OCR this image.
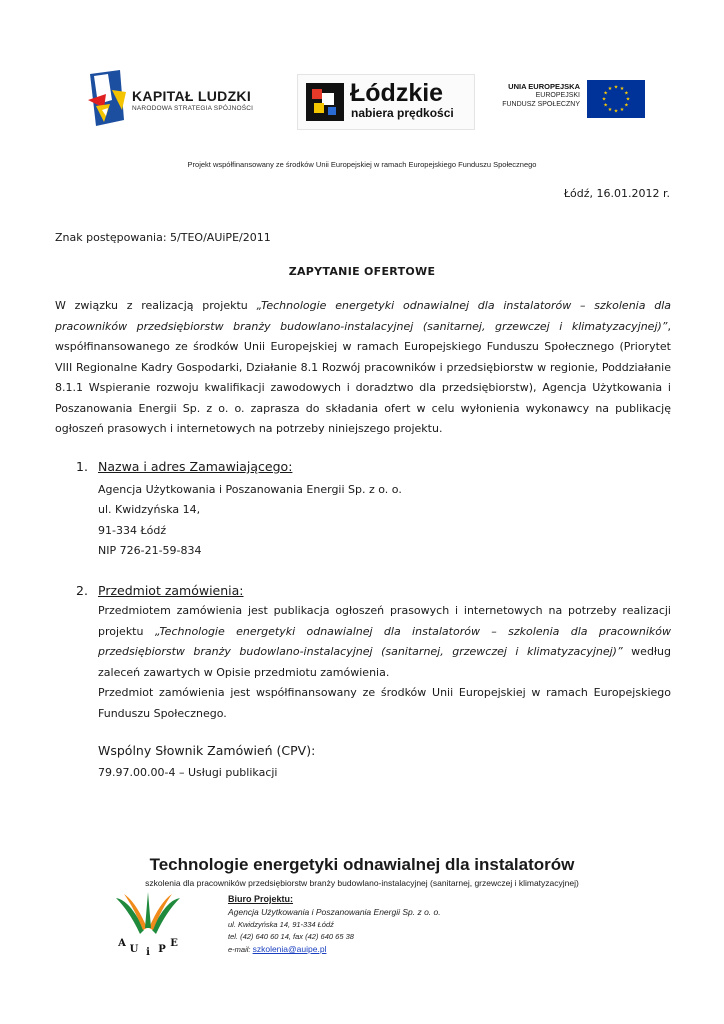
KAPITAŁ LUDZKI
NARODOWA STRATEGIA SPÓJNOŚCI
Łódzkie
nabiera prędkości
UNIA EUROPEJSKA
EUROPEJSKI
FUNDUSZ SPOŁECZNY
★ ★
★
★
★
★
★
★
★
★
★
★
Projekt współfinansowany ze środków Unii Europejskiej w ramach Europejskiego Funduszu Społecznego
Łódź, 16.01.2012 r.
Znak postępowania: 5/TEO/AUiPE/2011
ZAPYTANIE OFERTOWE
W związku z realizacją projektu „Technologie energetyki odnawialnej dla instalatorów – szkolenia dla pracowników przedsiębiorstw branży budowlano-instalacyjnej (sanitarnej, grzewczej i klimatyzacyjnej)”, współfinansowanego ze środków Unii Europejskiej w ramach Europejskiego Funduszu Społecznego (Priorytet VIII Regionalne Kadry Gospodarki, Działanie 8.1 Rozwój pracowników i przedsiębiorstw w regionie, Poddziałanie 8.1.1 Wspieranie rozwoju kwalifikacji zawodowych i doradztwo dla przedsiębiorstw), Agencja Użytkowania i Poszanowania Energii Sp. z o. o. zaprasza do składania ofert w celu wyłonienia wykonawcy na publikację ogłoszeń prasowych i internetowych na potrzeby niniejszego projektu.
1. Nazwa i adres Zamawiającego:
Agencja Użytkowania i Poszanowania Energii Sp. z o. o.
ul. Kwidzyńska 14,
91-334 Łódź
NIP 726-21-59-834
2. Przedmiot zamówienia:
Przedmiotem zamówienia jest publikacja ogłoszeń prasowych i internetowych na potrzeby realizacji projektu „Technologie energetyki odnawialnej dla instalatorów – szkolenia dla pracowników przedsiębiorstw branży budowlano-instalacyjnej (sanitarnej, grzewczej i klimatyzacyjnej)” według zaleceń zawartych w Opisie przedmiotu zamówienia.
Przedmiot zamówienia jest współfinansowany ze środków Unii Europejskiej w ramach Europejskiego Funduszu Społecznego.
Wspólny Słownik Zamówień (CPV):
79.97.00.00-4 – Usługi publikacji
Technologie energetyki odnawialnej dla instalatorów
szkolenia dla pracowników przedsiębiorstw branży budowlano-instalacyjnej (sanitarnej, grzewczej i klimatyzacyjnej)
A
U i P
E
Biuro Projektu:
Agencja Użytkowania i Poszanowania Energii Sp. z o. o.
ul. Kwidzyńska 14, 91-334 Łódź
tel. (42) 640 60 14, fax (42) 640 65 38
e-mail: szkolenia@auipe.pl
